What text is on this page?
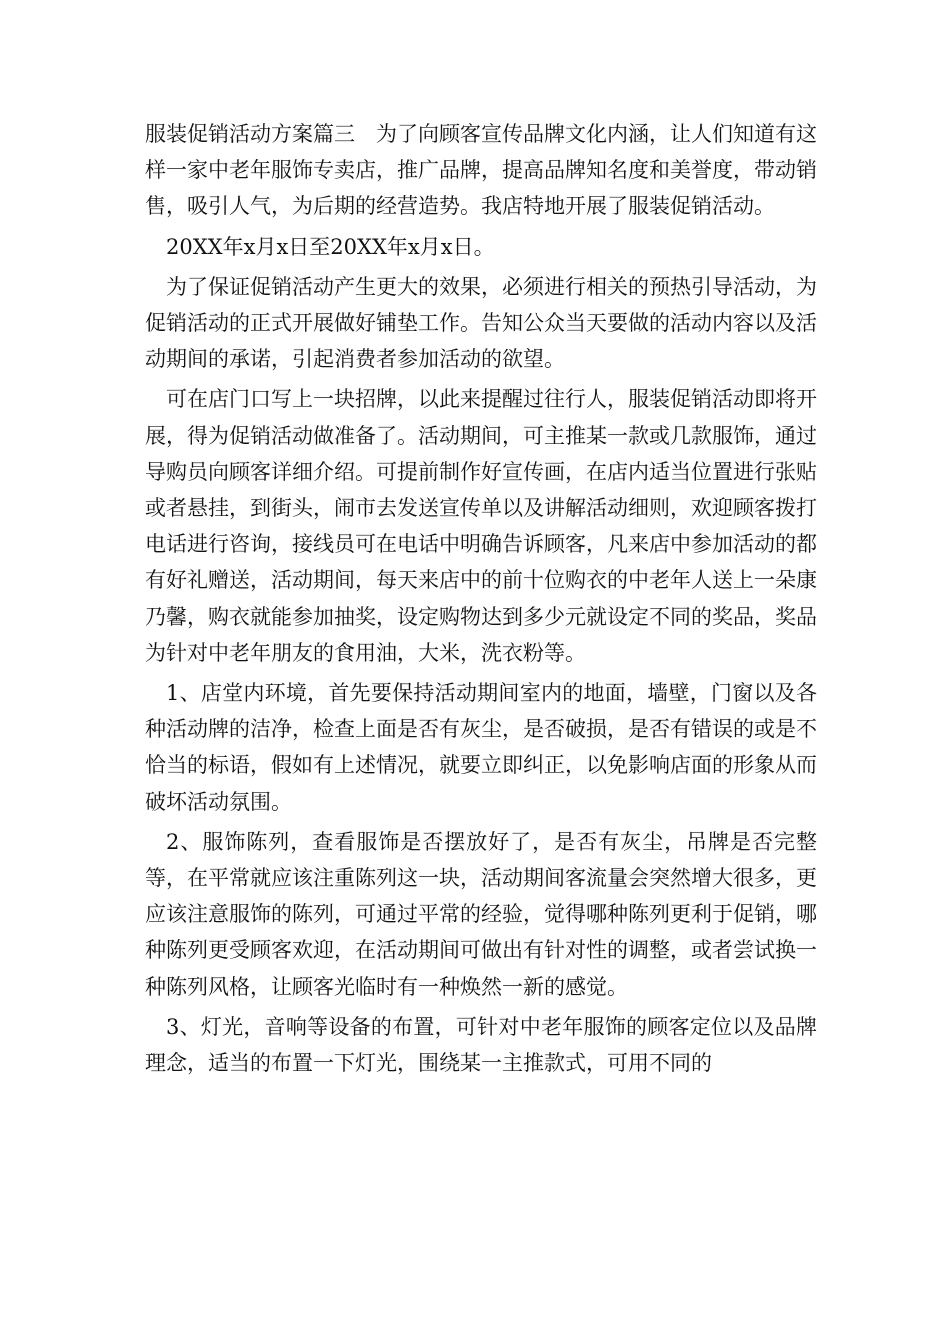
服装促销活动方案篇三　为了向顾客宣传品牌文化内涵，让人们知道有这样一家中老年服饰专卖店，推广品牌，提高品牌知名度和美誉度，带动销售，吸引人气，为后期的经营造势。我店特地开展了服装促销活动。

20XX年x月x日至20XX年x月x日。

为了保证促销活动产生更大的效果，必须进行相关的预热引导活动，为促销活动的正式开展做好铺垫工作。告知公众当天要做的活动内容以及活动期间的承诺，引起消费者参加活动的欲望。

可在店门口写上一块招牌，以此来提醒过往行人，服装促销活动即将开展，得为促销活动做准备了。活动期间，可主推某一款或几款服饰，通过导购员向顾客详细介绍。可提前制作好宣传画，在店内适当位置进行张贴或者悬挂，到街头，闹市去发送宣传单以及讲解活动细则，欢迎顾客拨打电话进行咨询，接线员可在电话中明确告诉顾客，凡来店中参加活动的都有好礼赠送，活动期间，每天来店中的前十位购衣的中老年人送上一朵康乃馨，购衣就能参加抽奖，设定购物达到多少元就设定不同的奖品，奖品为针对中老年朋友的食用油，大米，洗衣粉等。

1、店堂内环境，首先要保持活动期间室内的地面，墙壁，门窗以及各种活动牌的洁净，检查上面是否有灰尘，是否破损，是否有错误的或是不恰当的标语，假如有上述情况，就要立即纠正，以免影响店面的形象从而破坏活动氛围。

2、服饰陈列，查看服饰是否摆放好了，是否有灰尘，吊牌是否完整等，在平常就应该注重陈列这一块，活动期间客流量会突然增大很多，更应该注意服饰的陈列，可通过平常的经验，觉得哪种陈列更利于促销，哪种陈列更受顾客欢迎，在活动期间可做出有针对性的调整，或者尝试换一种陈列风格，让顾客光临时有一种焕然一新的感觉。

3、灯光，音响等设备的布置，可针对中老年服饰的顾客定位以及品牌理念，适当的布置一下灯光，围绕某一主推款式，可用不同的
